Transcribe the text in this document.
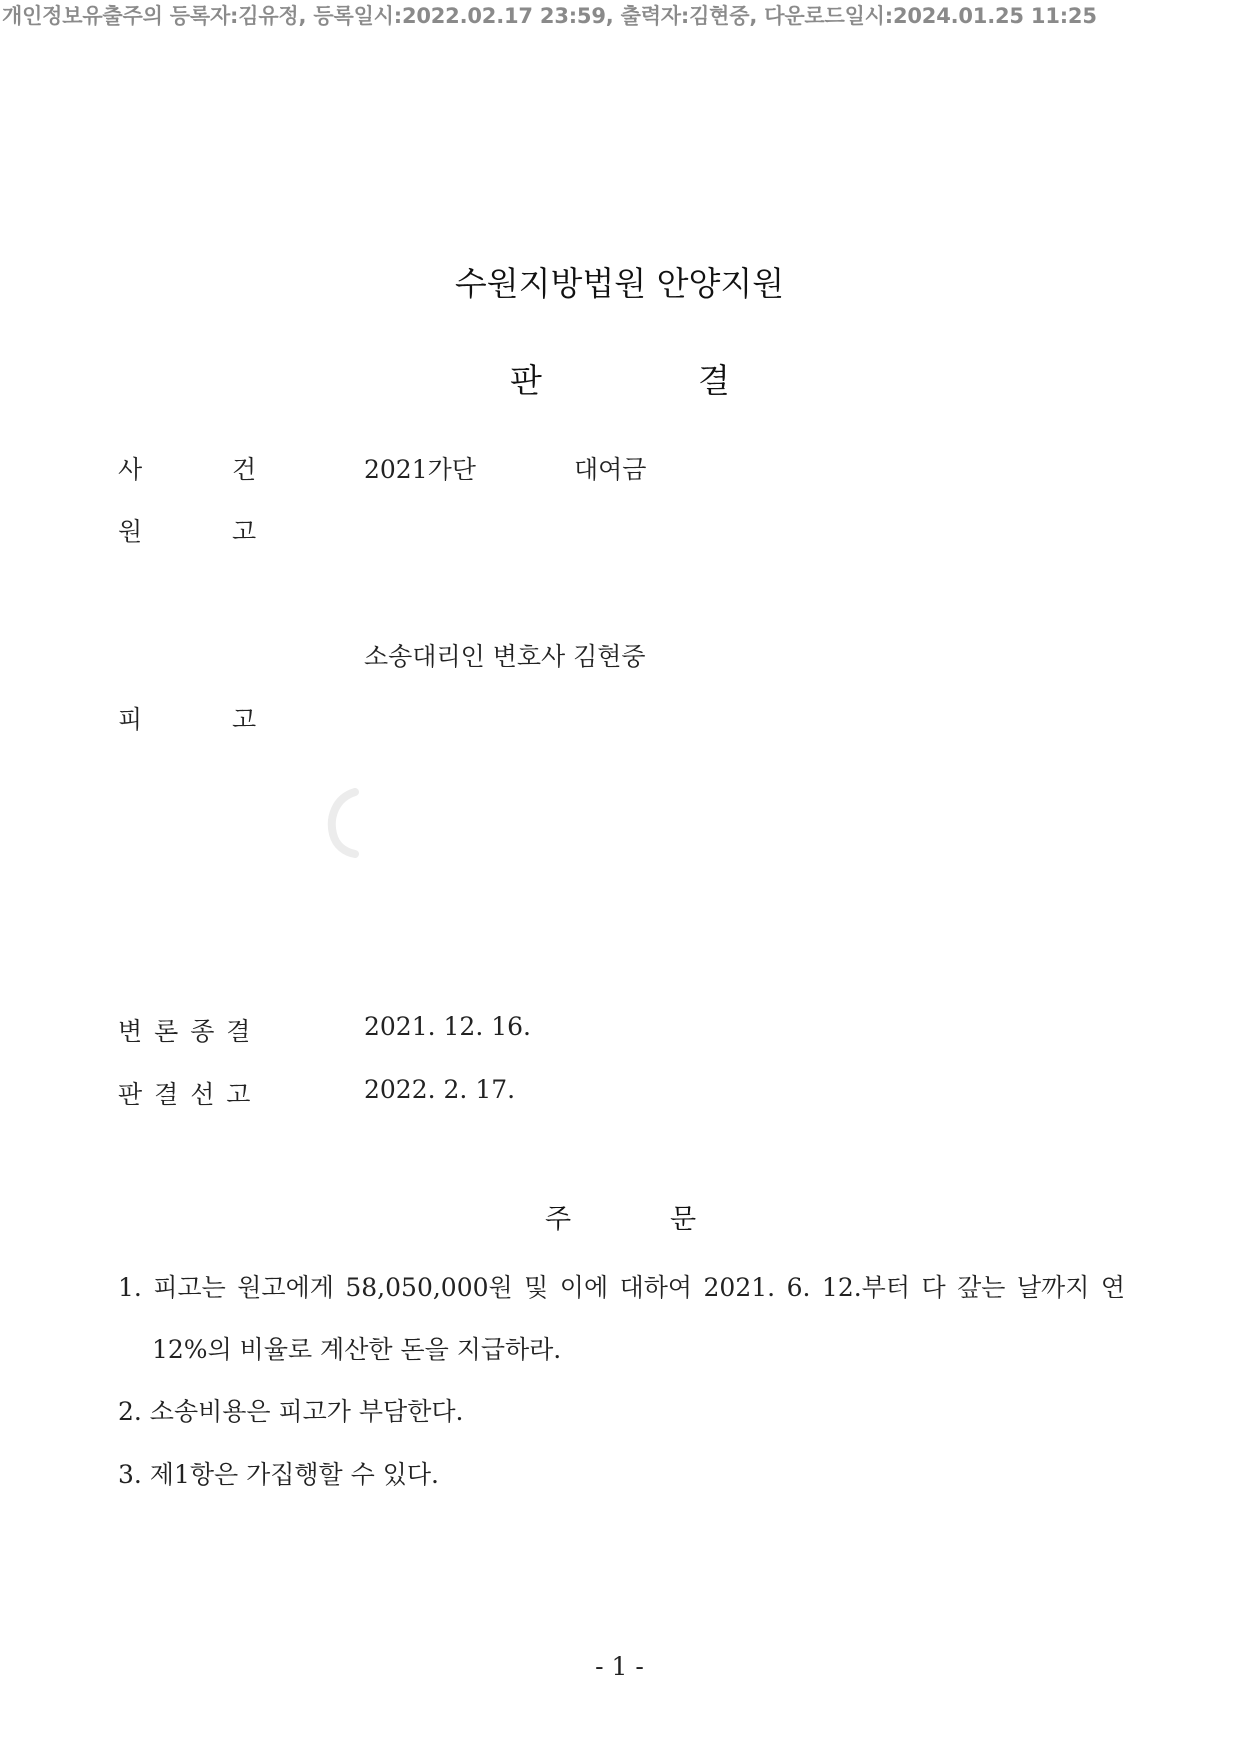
개인정보유출주의 등록자:김유정, 등록일시:2022.02.17 23:59, 출력자:김현중, 다운로드일시:2024.01.25 11:25
수원지방법원 안양지원
판	결
사	건	2021가단	대여금
원	고
소송대리인 변호사 김현중
피	고
변 론 종 결	2021. 12. 16.
판 결 선 고	2022. 2. 17.
주	문
1. 피고는 원고에게 58,050,000원 및 이에 대하여 2021. 6. 12.부터 다 갚는 날까지 연
12%의 비율로 계산한 돈을 지급하라.
2. 소송비용은 피고가 부담한다.
3. 제1항은 가집행할 수 있다.
- 1 -
